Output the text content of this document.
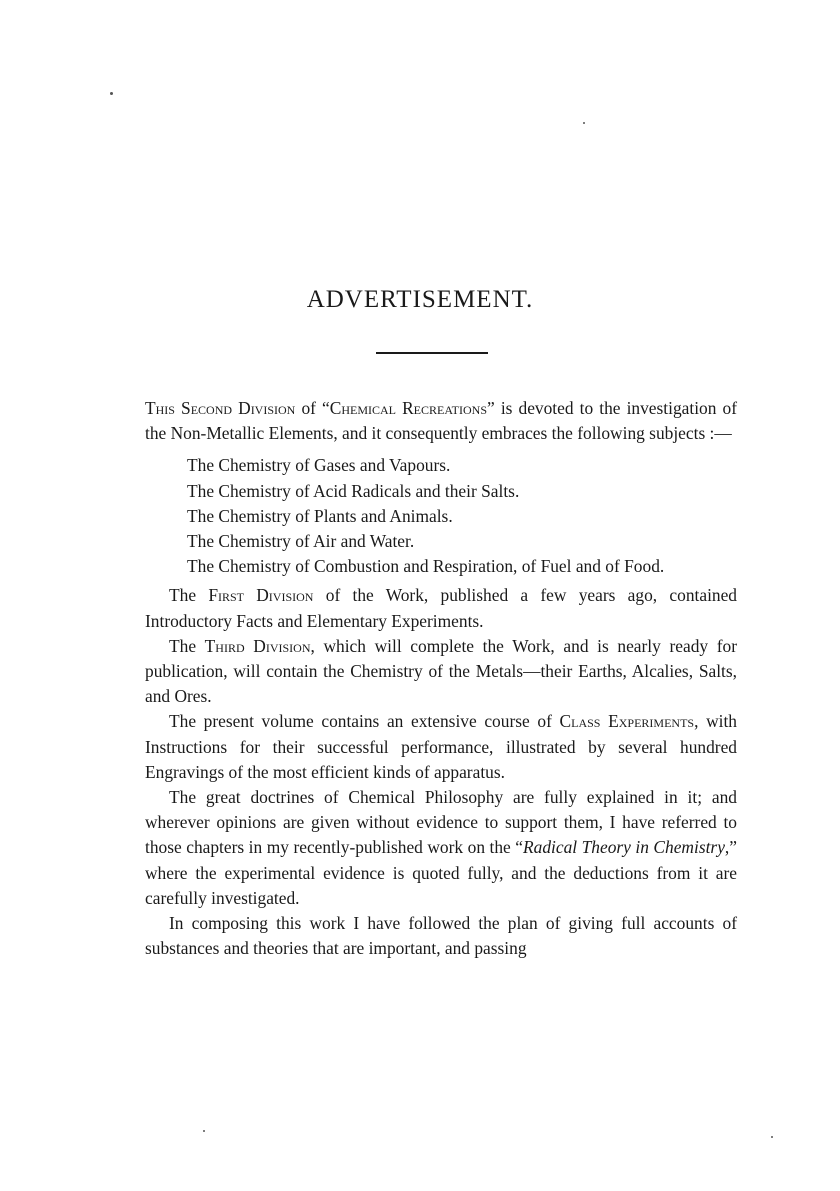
ADVERTISEMENT.

This Second Division of “Chemical Recreations” is devoted to the investigation of the Non-Metallic Elements, and it consequently embraces the following subjects :—

The Chemistry of Gases and Vapours.
The Chemistry of Acid Radicals and their Salts.
The Chemistry of Plants and Animals.
The Chemistry of Air and Water.
The Chemistry of Combustion and Respiration, of Fuel and of Food.

The First Division of the Work, published a few years ago, contained Introductory Facts and Elementary Experiments.

The Third Division, which will complete the Work, and is nearly ready for publication, will contain the Chemistry of the Metals—their Earths, Alcalies, Salts, and Ores.

The present volume contains an extensive course of Class Experiments, with Instructions for their successful performance, illustrated by several hundred Engravings of the most efficient kinds of apparatus.

The great doctrines of Chemical Philosophy are fully explained in it; and wherever opinions are given without evidence to support them, I have referred to those chapters in my recently-published work on the “Radical Theory in Chemistry,” where the experimental evidence is quoted fully, and the deductions from it are carefully investigated.

In composing this work I have followed the plan of giving full accounts of substances and theories that are important, and passing
